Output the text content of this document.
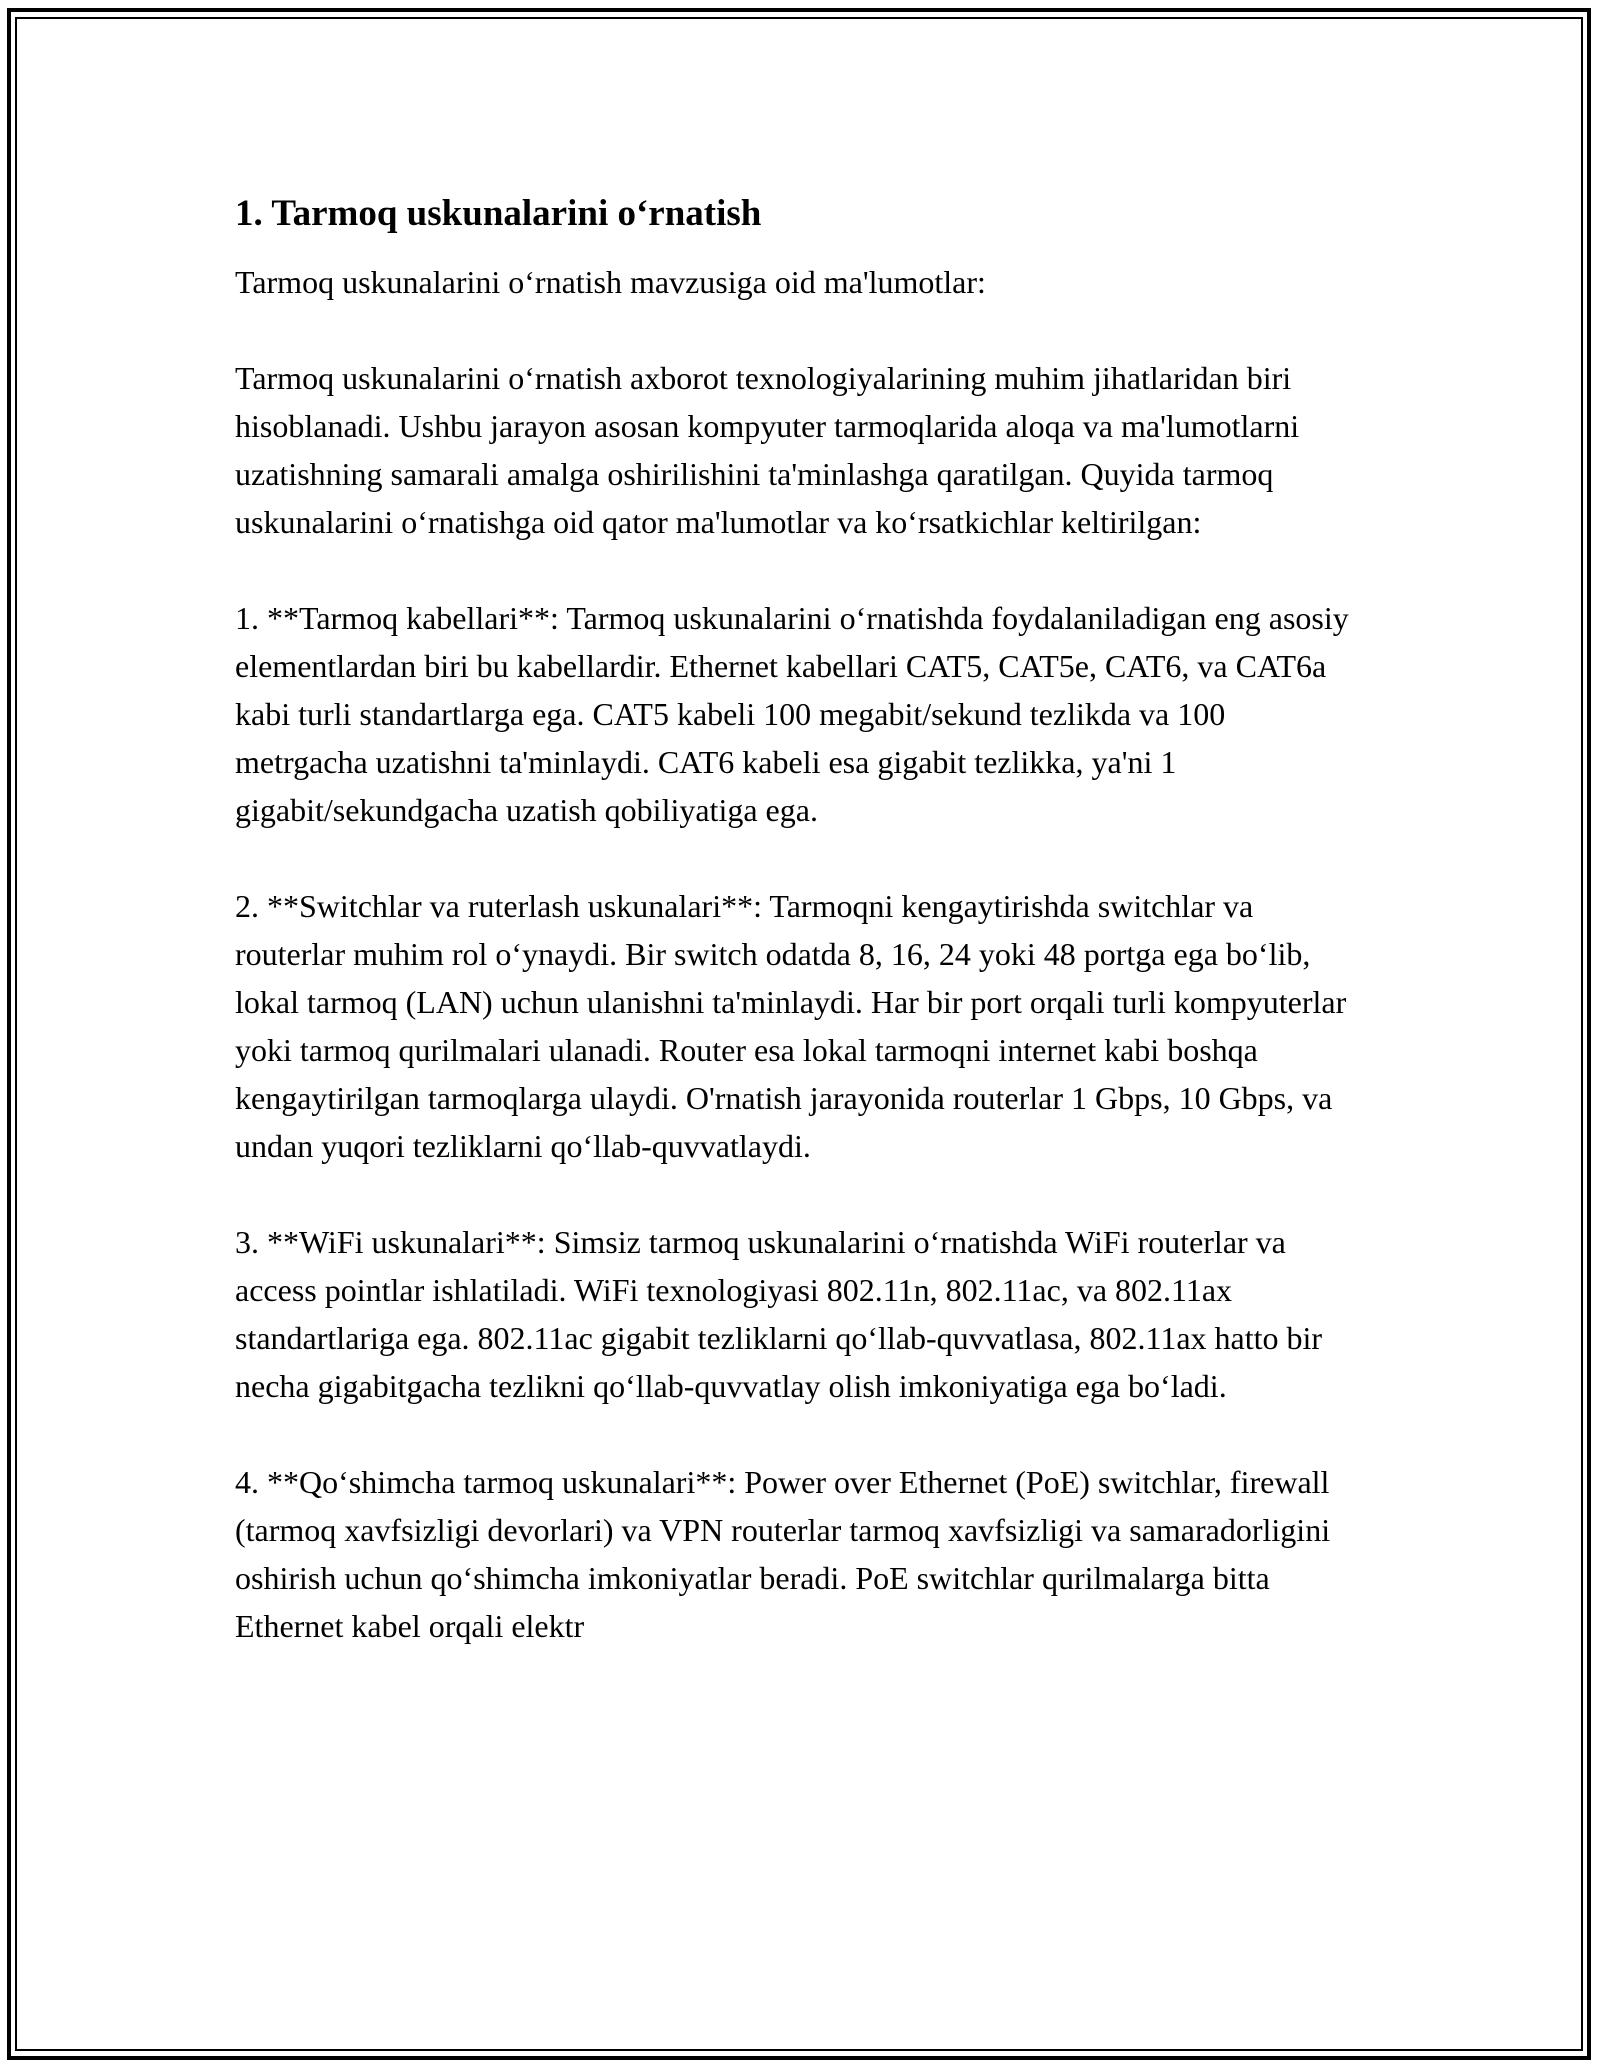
1. Tarmoq uskunalarini o‘rnatish

Tarmoq uskunalarini o‘rnatish mavzusiga oid ma'lumotlar:

Tarmoq uskunalarini o‘rnatish axborot texnologiyalarining muhim jihatlaridan biri hisoblanadi. Ushbu jarayon asosan kompyuter tarmoqlarida aloqa va ma'lumotlarni uzatishning samarali amalga oshirilishini ta'minlashga qaratilgan. Quyida tarmoq uskunalarini o‘rnatishga oid qator ma'lumotlar va ko‘rsatkichlar keltirilgan:

1. **Tarmoq kabellari**: Tarmoq uskunalarini o‘rnatishda foydalaniladigan eng asosiy elementlardan biri bu kabellardir. Ethernet kabellari CAT5, CAT5e, CAT6, va CAT6a kabi turli standartlarga ega. CAT5 kabeli 100 megabit/sekund tezlikda va 100 metrgacha uzatishni ta'minlaydi. CAT6 kabeli esa gigabit tezlikka, ya'ni 1 gigabit/sekundgacha uzatish qobiliyatiga ega.

2. **Switchlar va ruterlash uskunalari**: Tarmoqni kengaytirishda switchlar va routerlar muhim rol o‘ynaydi. Bir switch odatda 8, 16, 24 yoki 48 portga ega bo‘lib, lokal tarmoq (LAN) uchun ulanishni ta'minlaydi. Har bir port orqali turli kompyuterlar yoki tarmoq qurilmalari ulanadi. Router esa lokal tarmoqni internet kabi boshqa kengaytirilgan tarmoqlarga ulaydi. O'rnatish jarayonida routerlar 1 Gbps, 10 Gbps, va undan yuqori tezliklarni qo‘llab-quvvatlaydi.

3. **WiFi uskunalari**: Simsiz tarmoq uskunalarini o‘rnatishda WiFi routerlar va access pointlar ishlatiladi. WiFi texnologiyasi 802.11n, 802.11ac, va 802.11ax standartlariga ega. 802.11ac gigabit tezliklarni qo‘llab-quvvatlasa, 802.11ax hatto bir necha gigabitgacha tezlikni qo‘llab-quvvatlay olish imkoniyatiga ega bo‘ladi.

4. **Qo‘shimcha tarmoq uskunalari**: Power over Ethernet (PoE) switchlar, firewall (tarmoq xavfsizligi devorlari) va VPN routerlar tarmoq xavfsizligi va samaradorligini oshirish uchun qo‘shimcha imkoniyatlar beradi. PoE switchlar qurilmalarga bitta Ethernet kabel orqali elektr
